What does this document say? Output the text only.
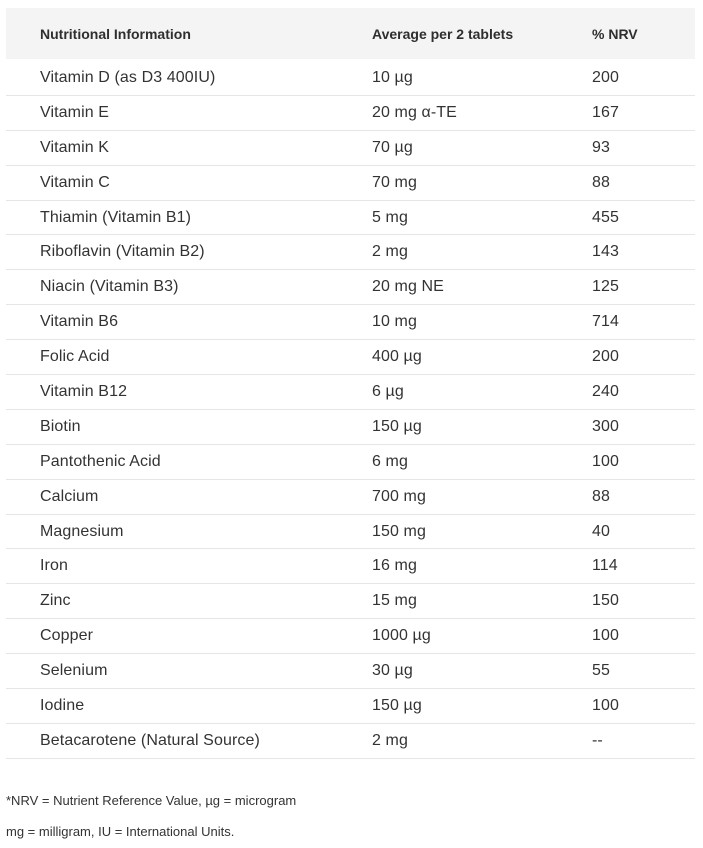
Nutritional Information	Average per 2 tablets	% NRV
Vitamin D (as D3 400IU)	10 µg	200
Vitamin E	20 mg α-TE	167
Vitamin K	70 µg	93
Vitamin C	70 mg	88
Thiamin (Vitamin B1)	5 mg	455
Riboflavin (Vitamin B2)	2 mg	143
Niacin (Vitamin B3)	20 mg NE	125
Vitamin B6	10 mg	714
Folic Acid	400 µg	200
Vitamin B12	6 µg	240
Biotin	150 µg	300
Pantothenic Acid	6 mg	100
Calcium	700 mg	88
Magnesium	150 mg	40
Iron	16 mg	114
Zinc	15 mg	150
Copper	1000 µg	100
Selenium	30 µg	55
Iodine	150 µg	100
Betacarotene (Natural Source)	2 mg	--

*NRV = Nutrient Reference Value, µg = microgram

mg = milligram, IU = International Units.
